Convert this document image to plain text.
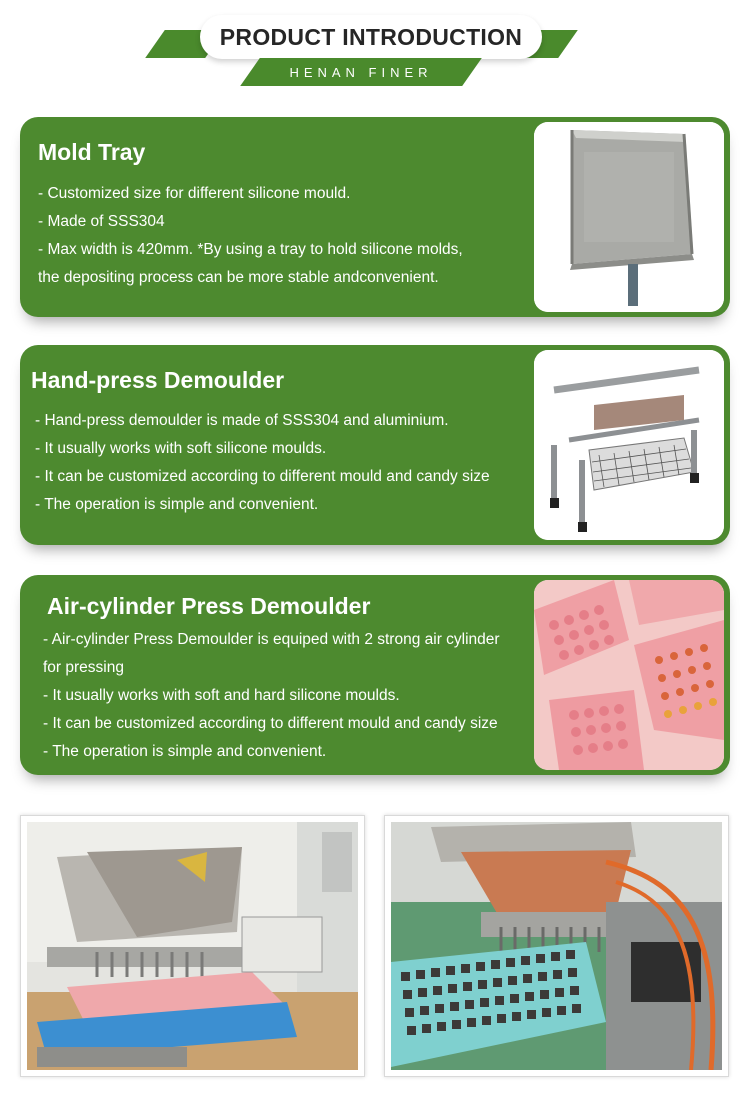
PRODUCT INTRODUCTION
HENAN FINER
Mold Tray
- Customized size for different silicone mould.
- Made of SSS304
- Max width is 420mm. *By using a tray to hold silicone molds,
the depositing process can be more stable andconvenient.
Hand-press Demoulder
- Hand-press demoulder is made of SSS304 and aluminium.
- It usually works with soft silicone moulds.
- It can be customized according to different mould and candy size
- The operation is simple and convenient.
Air-cylinder Press Demoulder
- Air-cylinder Press Demoulder is equiped with 2 strong air cylinder
for pressing
- It usually works with soft and hard silicone moulds.
- It can be customized according to different mould and candy size
- The operation is simple and convenient.
